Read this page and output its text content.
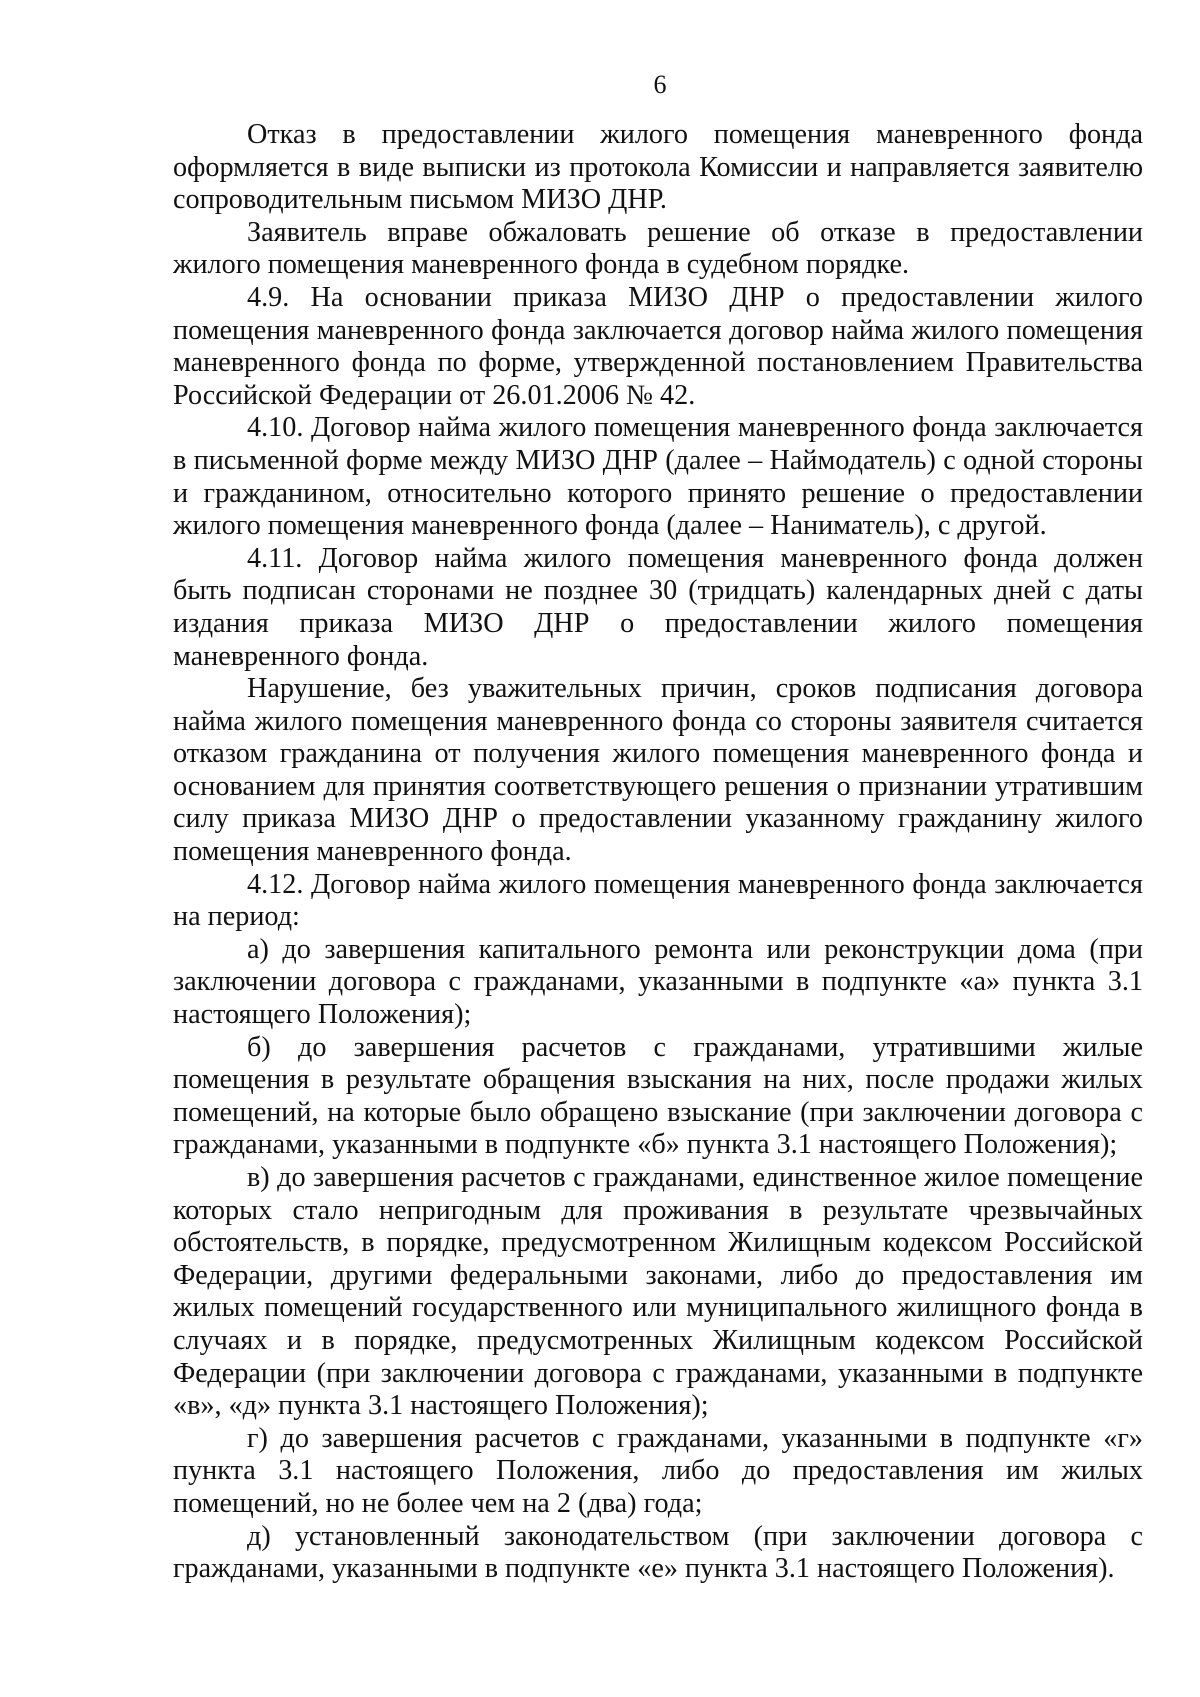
6

Отказ в предоставлении жилого помещения маневренного фонда оформляется в виде выписки из протокола Комиссии и направляется заявителю сопроводительным письмом МИЗО ДНР.

Заявитель вправе обжаловать решение об отказе в предоставлении жилого помещения маневренного фонда в судебном порядке.

4.9. На основании приказа МИЗО ДНР о предоставлении жилого помещения маневренного фонда заключается договор найма жилого помещения маневренного фонда по форме, утвержденной постановлением Правительства Российской Федерации от 26.01.2006 № 42.

4.10. Договор найма жилого помещения маневренного фонда заключается в письменной форме между МИЗО ДНР (далее – Наймодатель) с одной стороны и гражданином, относительно которого принято решение о предоставлении жилого помещения маневренного фонда (далее – Наниматель), с другой.

4.11. Договор найма жилого помещения маневренного фонда должен быть подписан сторонами не позднее 30 (тридцать) календарных дней с даты издания приказа МИЗО ДНР о предоставлении жилого помещения маневренного фонда.

Нарушение, без уважительных причин, сроков подписания договора найма жилого помещения маневренного фонда со стороны заявителя считается отказом гражданина от получения жилого помещения маневренного фонда и основанием для принятия соответствующего решения о признании утратившим силу приказа МИЗО ДНР о предоставлении указанному гражданину жилого помещения маневренного фонда.

4.12. Договор найма жилого помещения маневренного фонда заключается на период:

а) до завершения капитального ремонта или реконструкции дома (при заключении договора с гражданами, указанными в подпункте «а» пункта 3.1 настоящего Положения);

б) до завершения расчетов с гражданами, утратившими жилые помещения в результате обращения взыскания на них, после продажи жилых помещений, на которые было обращено взыскание (при заключении договора с гражданами, указанными в подпункте «б» пункта 3.1 настоящего Положения);

в) до завершения расчетов с гражданами, единственное жилое помещение которых стало непригодным для проживания в результате чрезвычайных обстоятельств, в порядке, предусмотренном Жилищным кодексом Российской Федерации, другими федеральными законами, либо до предоставления им жилых помещений государственного или муниципального жилищного фонда в случаях и в порядке, предусмотренных Жилищным кодексом Российской Федерации (при заключении договора с гражданами, указанными в подпункте «в», «д» пункта 3.1 настоящего Положения);

г) до завершения расчетов с гражданами, указанными в подпункте «г» пункта 3.1 настоящего Положения, либо до предоставления им жилых помещений, но не более чем на 2 (два) года;

д) установленный законодательством (при заключении договора с гражданами, указанными в подпункте «е» пункта 3.1 настоящего Положения).
